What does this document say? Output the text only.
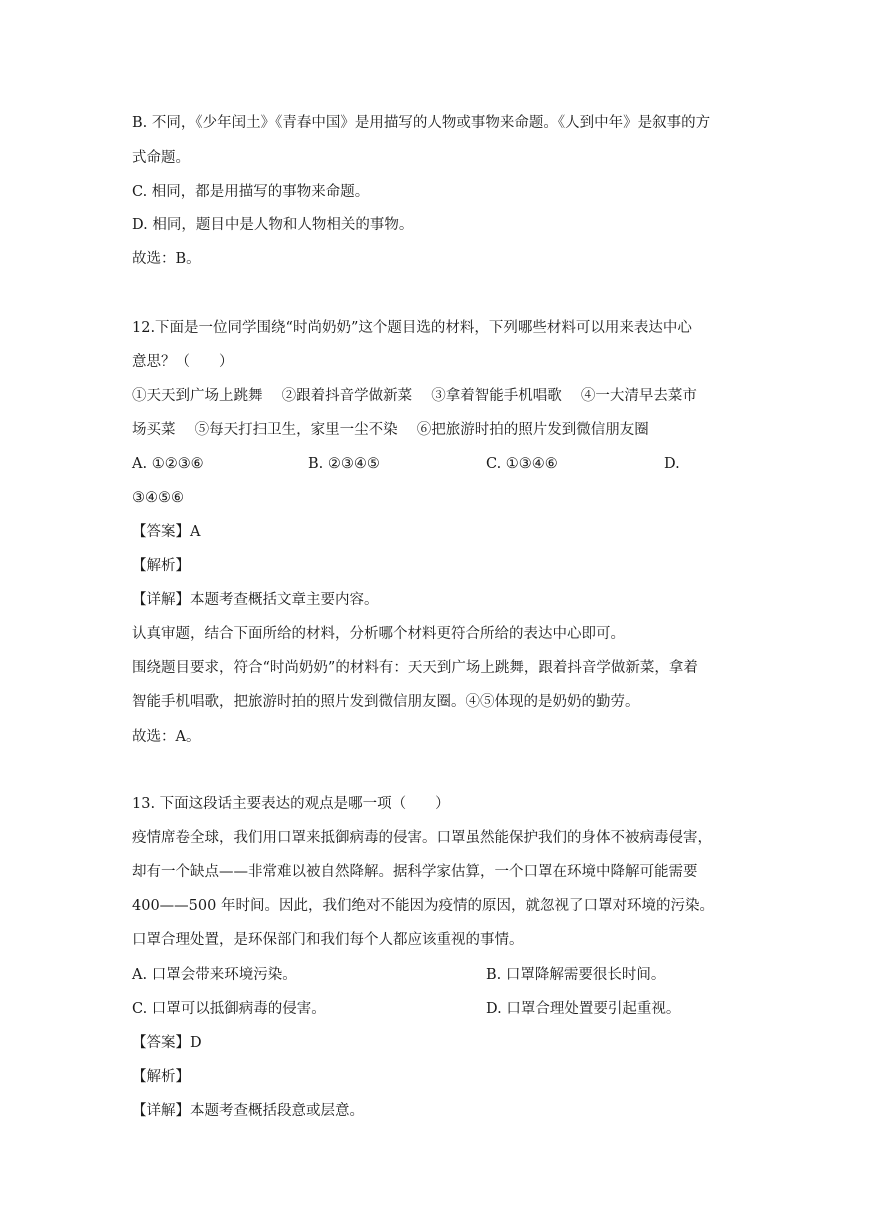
B. 不同，《少年闰土》《青春中国》是用描写的人物或事物来命题。《人到中年》是叙事的方
式命题。
C. 相同，都是用描写的事物来命题。
D. 相同，题目中是人物和人物相关的事物。
故选：B。
12.下面是一位同学围绕“时尚奶奶”这个题目选的材料，下列哪些材料可以用来表达中心
意思？（　　）
①天天到广场上跳舞　 ②跟着抖音学做新菜　 ③拿着智能手机唱歌　 ④一大清早去菜市
场买菜　 ⑤每天打扫卫生，家里一尘不染　 ⑥把旅游时拍的照片发到微信朋友圈
A. ①②③⑥	B. ②③④⑤	C. ①③④⑥	D.
③④⑤⑥
【答案】A
【解析】
【详解】本题考查概括文章主要内容。
认真审题，结合下面所给的材料，分析哪个材料更符合所给的表达中心即可。
围绕题目要求，符合“时尚奶奶”的材料有：天天到广场上跳舞，跟着抖音学做新菜，拿着
智能手机唱歌，把旅游时拍的照片发到微信朋友圈。④⑤体现的是奶奶的勤劳。
故选：A。
13. 下面这段话主要表达的观点是哪一项（　　）
疫情席卷全球，我们用口罩来抵御病毒的侵害。口罩虽然能保护我们的身体不被病毒侵害，
却有一个缺点——非常难以被自然降解。据科学家估算，一个口罩在环境中降解可能需要
400——500 年时间。因此，我们绝对不能因为疫情的原因，就忽视了口罩对环境的污染。
口罩合理处置，是环保部门和我们每个人都应该重视的事情。
A. 口罩会带来环境污染。	B. 口罩降解需要很长时间。
C. 口罩可以抵御病毒的侵害。	D. 口罩合理处置要引起重视。
【答案】D
【解析】
【详解】本题考查概括段意或层意。
